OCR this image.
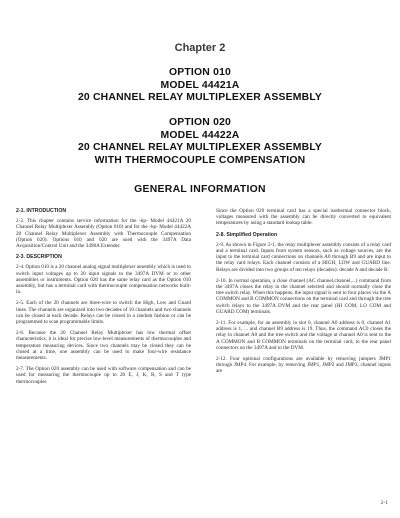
Chapter 2
OPTION 010
MODEL 44421A
20 CHANNEL RELAY MULTIPLEXER ASSEMBLY
OPTION 020
MODEL 44422A
20 CHANNEL RELAY MULTIPLEXER ASSEMBLY
WITH THERMOCOUPLE COMPENSATION
GENERAL INFORMATION
2-1. INTRODUCTION

2-2. This chapter contains service information for the -hp- Model 44421A 20 Channel Relay Multiplexer Assembly (Option 010) and for the -hp- Model 44422A 20 Channel Relay Multiplexer Assembly with Thermocouple Compensation (Option 020). Options 010 and 020 are used with the 3497A Data Acquisition/Control Unit and the 3498A Extender.

2-3. DESCRIPTION

2-4. Option 010 is a 20 channel analog signal multiplexer assembly which is used to switch input voltages up to 20 input signals to the 3497A DVM or to other assemblies or instruments. Option 020 has the same relay card as the Option 010 assembly, but has a terminal card with thermocouple compensation networks built-in.

2-5. Each of the 20 channels are three-wire to switch the High, Low and Guard lines. The channels are organized into two decades of 10 channels and two channels can be closed at each decade. Relays can be closed in a random fashion or can be programmed to scan programmable limits.

2-6. Because the 20 Channel Relay Multiplexer has low thermal offset characteristics, it is ideal for precise low-level measurements of thermocouples and temperature measuring devices. Since two channels may be closed they can be closed at a time, one assembly can be used to make four-wire resistance measurements.

2-7. The Option 020 assembly can be used with software compensation and can be used for measuring the thermocouple up to 20 E, J, K, R, S and T type thermocouples

Since the Option 020 terminal card has a special isothermal connector block, voltages measured with the assembly can be directly converted to equivalent temperatures by using a standard lookup table.

2-8. Simplified Operation

2-9. As shown in Figure 2-1, the relay multiplexer assembly consists of a relay card and a terminal card. Inputs from system sensors, such as voltage sources, are the input to the terminal card connections on channels A0 through B9 and are input to the relay card relays. Each channel consists of a HIGH, LOW and GUARD line. Relays are divided into two groups of ten relays (decades): decade A and decade B.

2-10. In normal operation, a close channel (AC channel,channel,...) command from the 3497A closes the relay in the channel selected and should normally close the tree switch relay. When this happens, the input signal is sent to four places via the A COMMON and B COMMON connections on the terminal card and through the tree switch relays to the 3497A DVM and the rear panel (HI COM, LO COM and GUARD COM) terminals.

2-11. For example, for an assembly in slot 0, channel A0 address is 0, channel A1 address is 1, ... and channel B9 address is 19. Thus, the command AC0 closes the relay in channel A0 and the tree switch and the voltage at channel A0 is sent to the A COMMON and B COMMON terminals on the terminal card, to the rear panel connectors on the 3497A and to the DVM.

2-12. Four optional configurations are available by removing jumpers JMP1 through JMP4. For example, by removing JMP1, JMP2 and JMP3, channel inputs are

2-1
